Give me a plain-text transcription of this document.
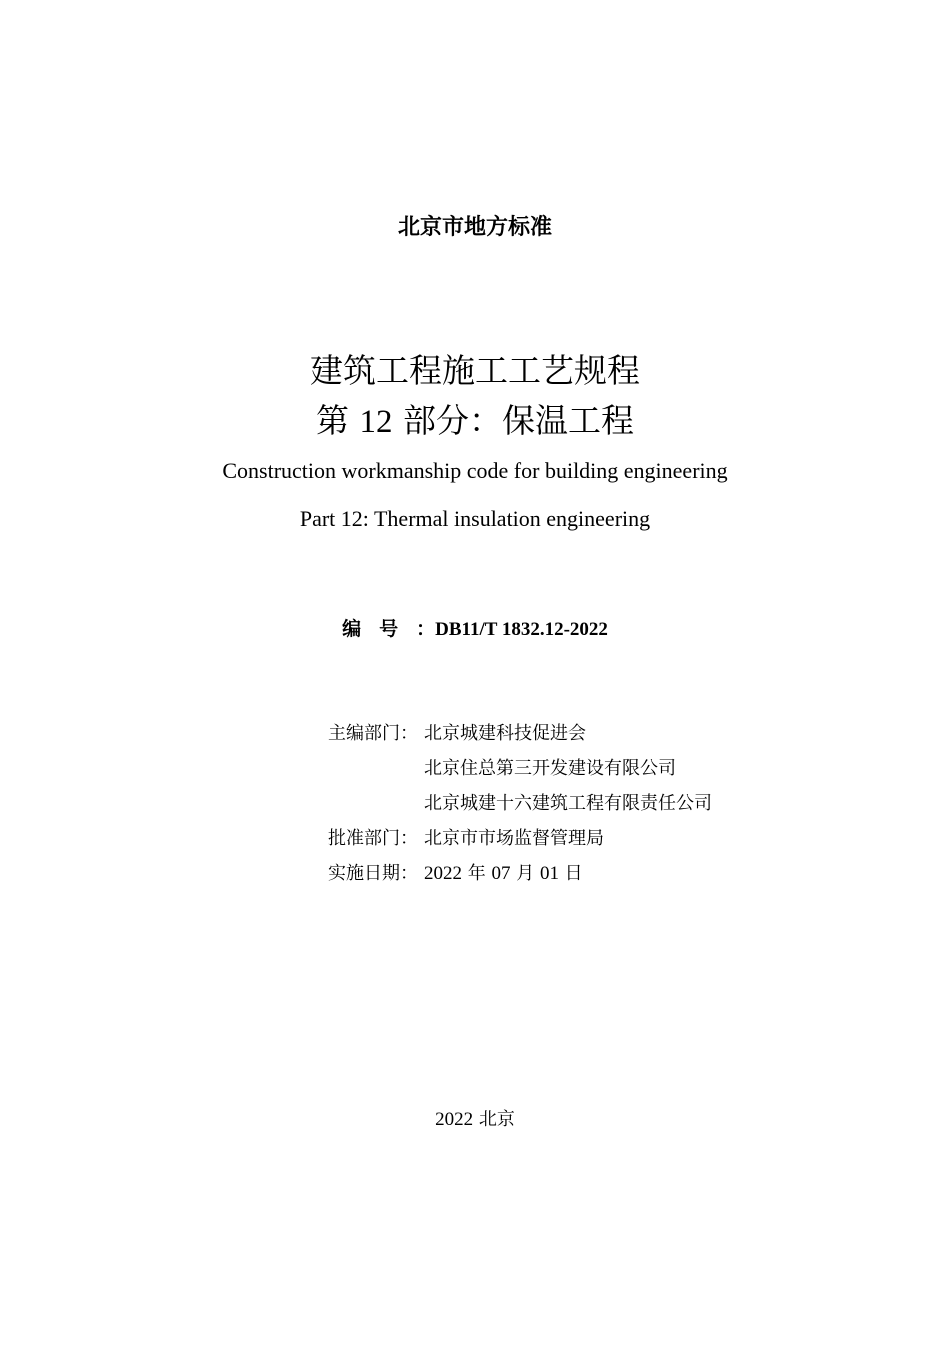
北京市地方标准
建筑工程施工工艺规程
第 12 部分：保温工程
Construction workmanship code for building engineering
Part 12: Thermal insulation engineering
编号：DB11/T 1832.12-2022
主编部门： 北京城建科技促进会
北京住总第三开发建设有限公司
北京城建十六建筑工程有限责任公司
批准部门： 北京市市场监督管理局
实施日期： 2022 年 07 月 01 日
2022 北京
